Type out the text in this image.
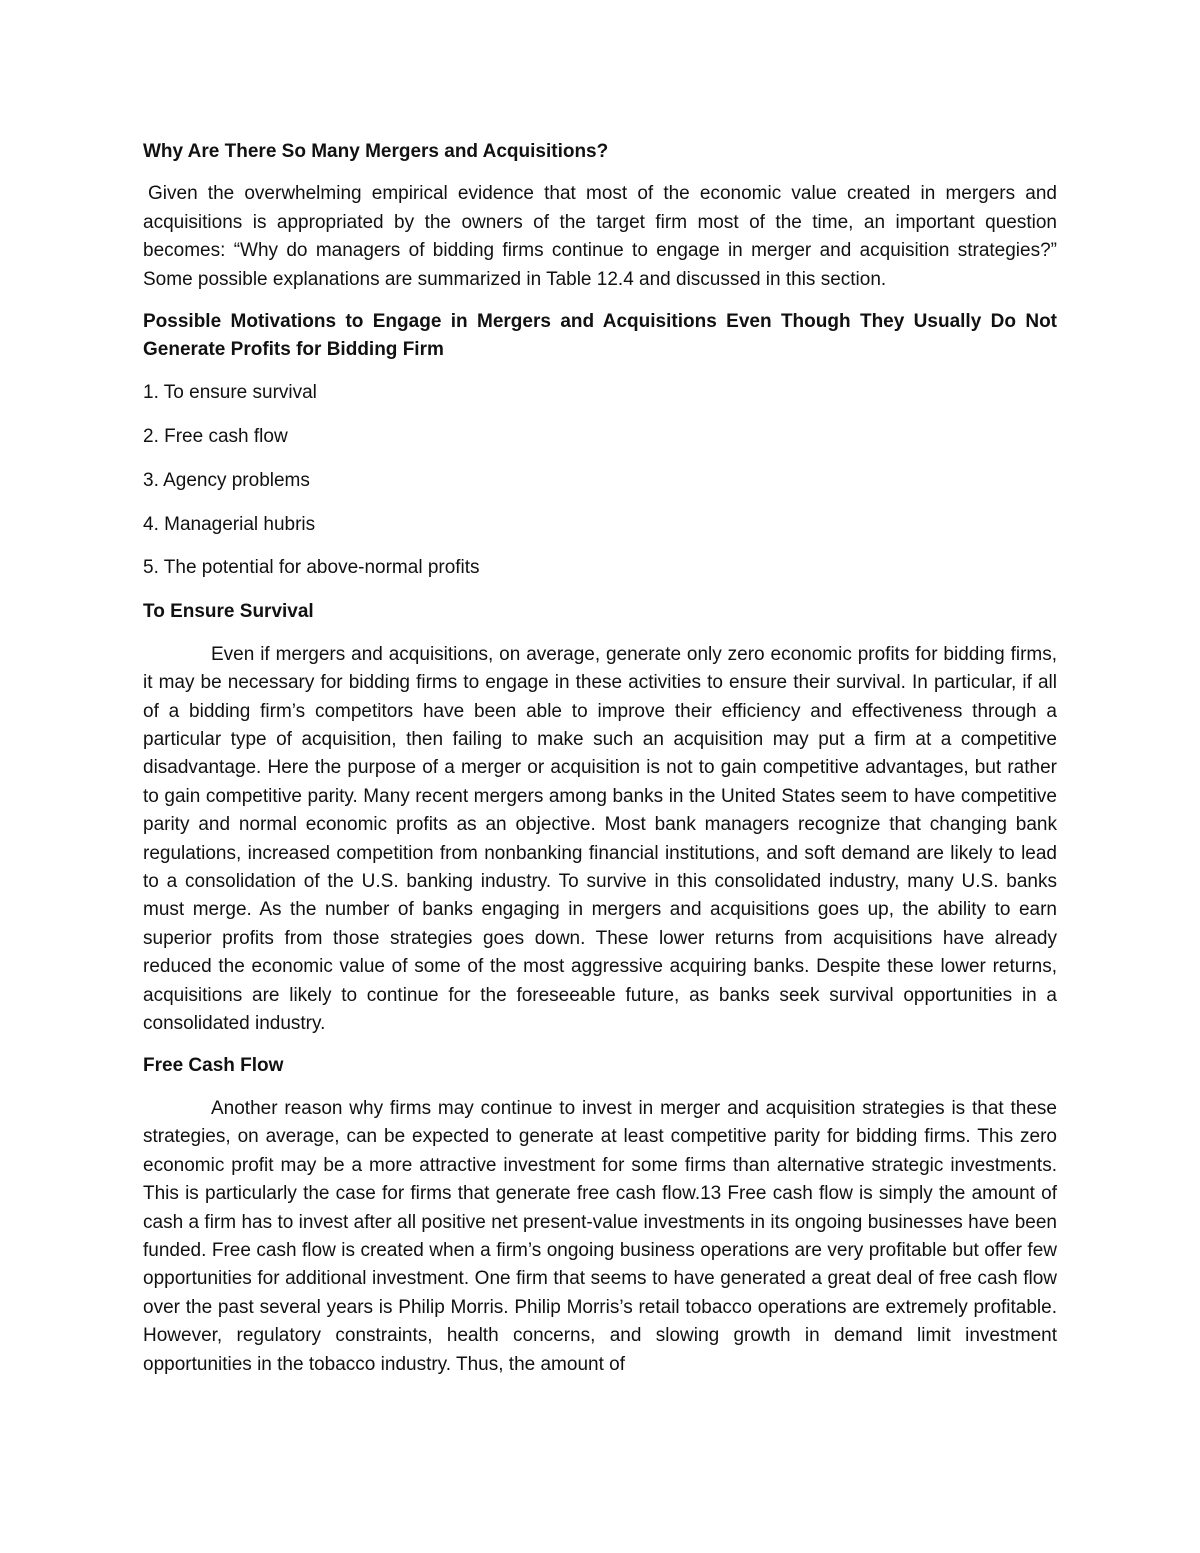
Why Are There So Many Mergers and Acquisitions?

Given the overwhelming empirical evidence that most of the economic value created in mergers and acquisitions is appropriated by the owners of the target firm most of the time, an important question becomes: “Why do managers of bidding firms continue to engage in merger and acquisition strategies?” Some possible explanations are summarized in Table 12.4 and discussed in this section.

Possible Motivations to Engage in Mergers and Acquisitions Even Though They Usually Do Not Generate Profits for Bidding Firm

1. To ensure survival
2. Free cash flow
3. Agency problems
4. Managerial hubris
5. The potential for above-normal profits

To Ensure Survival

Even if mergers and acquisitions, on average, generate only zero economic profits for bidding firms, it may be necessary for bidding firms to engage in these activities to ensure their survival. In particular, if all of a bidding firm’s competitors have been able to improve their efficiency and effectiveness through a particular type of acquisition, then failing to make such an acquisition may put a firm at a competitive disadvantage. Here the purpose of a merger or acquisition is not to gain competitive advantages, but rather to gain competitive parity. Many recent mergers among banks in the United States seem to have competitive parity and normal economic profits as an objective. Most bank managers recognize that changing bank regulations, increased competition from nonbanking financial institutions, and soft demand are likely to lead to a consolidation of the U.S. banking industry. To survive in this consolidated industry, many U.S. banks must merge. As the number of banks engaging in mergers and acquisitions goes up, the ability to earn superior profits from those strategies goes down. These lower returns from acquisitions have already reduced the economic value of some of the most aggressive acquiring banks. Despite these lower returns, acquisitions are likely to continue for the foreseeable future, as banks seek survival opportunities in a consolidated industry.

Free Cash Flow

Another reason why firms may continue to invest in merger and acquisition strategies is that these strategies, on average, can be expected to generate at least competitive parity for bidding firms. This zero economic profit may be a more attractive investment for some firms than alternative strategic investments. This is particularly the case for firms that generate free cash flow.13 Free cash flow is simply the amount of cash a firm has to invest after all positive net present-value investments in its ongoing businesses have been funded. Free cash flow is created when a firm’s ongoing business operations are very profitable but offer few opportunities for additional investment. One firm that seems to have generated a great deal of free cash flow over the past several years is Philip Morris. Philip Morris’s retail tobacco operations are extremely profitable. However, regulatory constraints, health concerns, and slowing growth in demand limit investment opportunities in the tobacco industry. Thus, the amount of
